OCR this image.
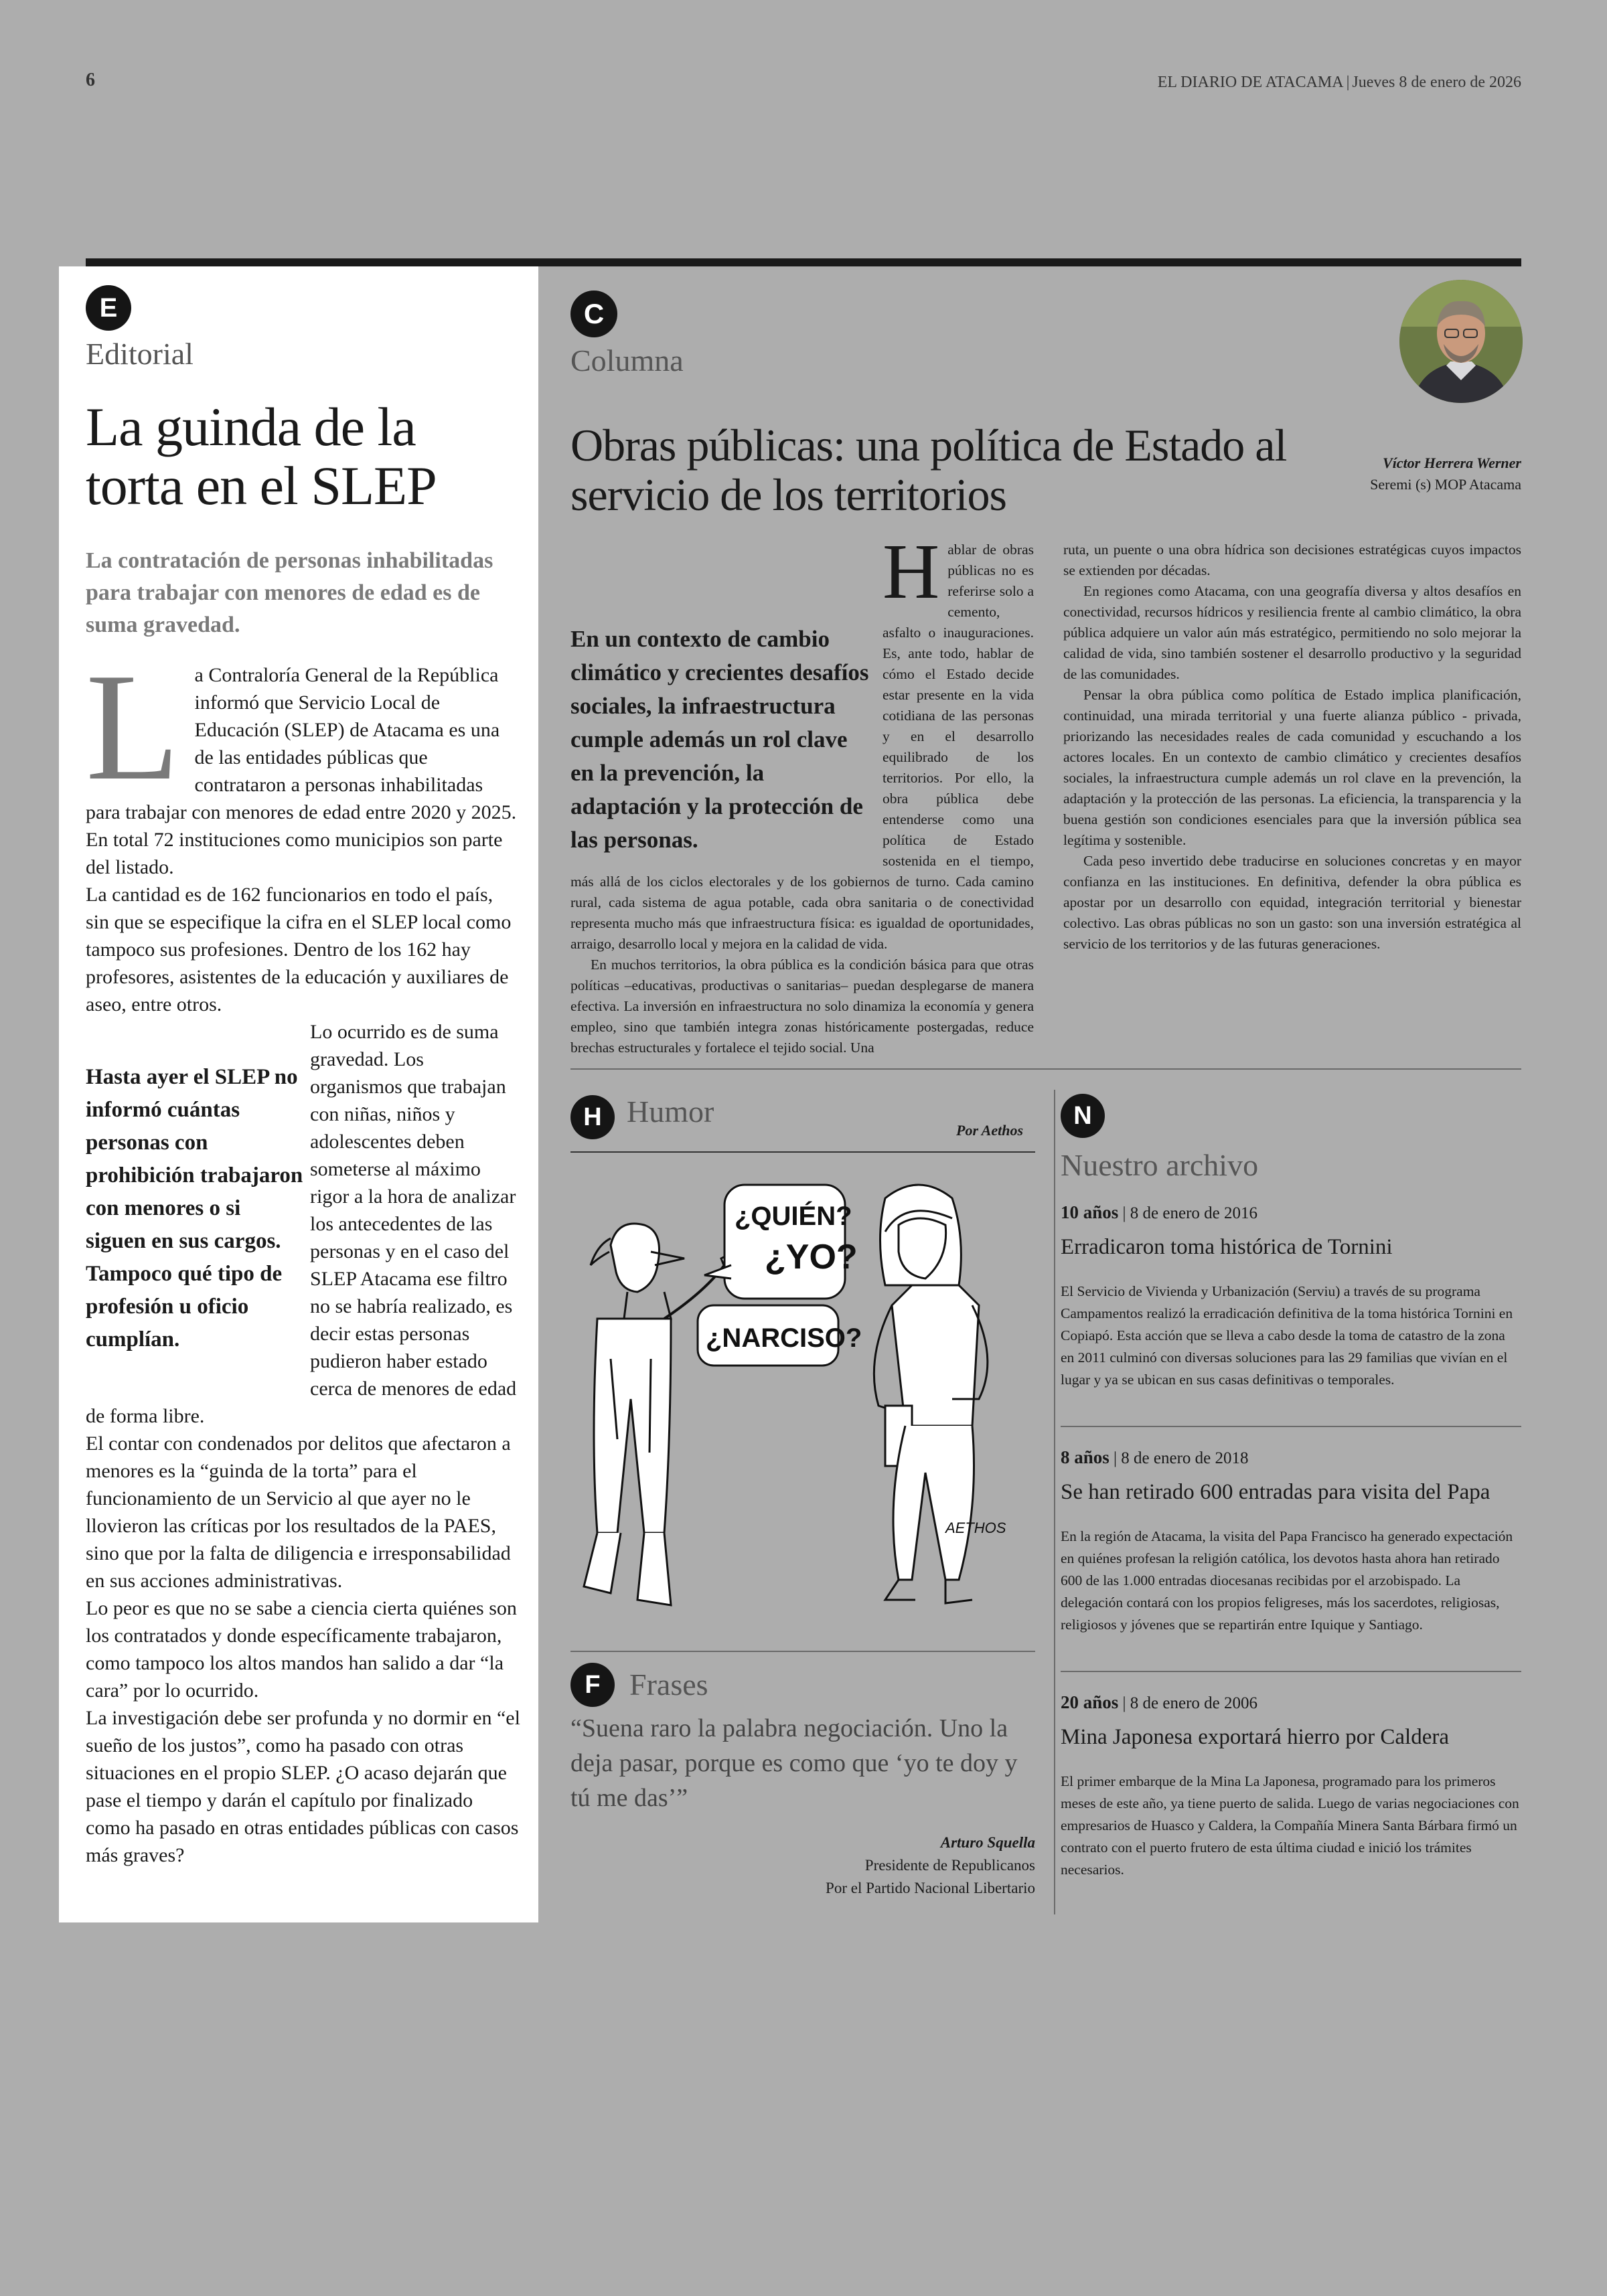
6	EL DIARIO DE ATACAMA | Jueves 8 de enero de 2026
E
Editorial
La guinda de la torta en el SLEP
La contratación de personas inhabilitadas para trabajar con menores de edad es de suma gravedad.

La Contraloría General de la República informó que Servicio Local de Educación (SLEP) de Atacama es una de las entidades públicas que contrataron a personas inhabilitadas para trabajar con menores de edad entre 2020 y 2025. En total 72 instituciones como municipios son parte del listado.

La cantidad es de 162 funcionarios en todo el país, sin que se especifique la cifra en el SLEP local como tampoco sus profesiones. Dentro de los 162 hay profesores, asistentes de la educación y auxiliares de aseo, entre otros.

Hasta ayer el SLEP no informó cuántas personas con prohibición trabajaron con menores o si siguen en sus cargos. Tampoco qué tipo de profesión u oficio cumplían.

Lo ocurrido es de suma gravedad. Los organismos que trabajan con niñas, niños y adolescentes deben someterse al máximo rigor a la hora de analizar los antecedentes de las personas y en el caso del SLEP Atacama ese filtro no se habría realizado, es decir estas personas pudieron haber estado cerca de menores de edad de forma libre.

El contar con condenados por delitos que afectaron a menores es la “guinda de la torta” para el funcionamiento de un Servicio al que ayer no le llovieron las críticas por los resultados de la PAES, sino que por la falta de diligencia e irresponsabilidad en sus acciones administrativas.

Lo peor es que no se sabe a ciencia cierta quiénes son los contratados y donde específicamente trabajaron, como tampoco los altos mandos han salido a dar “la cara” por lo ocurrido.

La investigación debe ser profunda y no dormir en “el sueño de los justos”, como ha pasado con otras situaciones en el propio SLEP. ¿O acaso dejarán que pase el tiempo y darán el capítulo por finalizado como ha pasado en otras entidades públicas con casos más graves?

C
Columna
Obras públicas: una política de Estado al servicio de los territorios
Víctor Herrera Werner
Seremi (s) MOP Atacama
En un contexto de cambio climático y crecientes desafíos sociales, la infraestructura cumple además un rol clave en la prevención, la adaptación y la protección de las personas.

Hablar de obras públicas no es referirse solo a cemento, asfalto o inauguraciones. Es, ante todo, hablar de cómo el Estado decide estar presente en la vida cotidiana de las personas y en el desarrollo equilibrado de los territorios. Por ello, la obra pública debe entenderse como una política de Estado sostenida en el tiempo, más allá de los ciclos electorales y de los gobiernos de turno. Cada camino rural, cada sistema de agua potable, cada obra sanitaria o de conectividad representa mucho más que infraestructura física: es igualdad de oportunidades, arraigo, desarrollo local y mejora en la calidad de vida.

En muchos territorios, la obra pública es la condición básica para que otras políticas –educativas, productivas o sanitarias– puedan desplegarse de manera efectiva. La inversión en infraestructura no solo dinamiza la economía y genera empleo, sino que también integra zonas históricamente postergadas, reduce brechas estructurales y fortalece el tejido social. Una

ruta, un puente o una obra hídrica son decisiones estratégicas cuyos impactos se extienden por décadas.

En regiones como Atacama, con una geografía diversa y altos desafíos en conectividad, recursos hídricos y resiliencia frente al cambio climático, la obra pública adquiere un valor aún más estratégico, permitiendo no solo mejorar la calidad de vida, sino también sostener el desarrollo productivo y la seguridad de las comunidades.

Pensar la obra pública como política de Estado implica planificación, continuidad, una mirada territorial y una fuerte alianza público - privada, priorizando las necesidades reales de cada comunidad y escuchando a los actores locales. En un contexto de cambio climático y crecientes desafíos sociales, la infraestructura cumple además un rol clave en la prevención, la adaptación y la protección de las personas. La eficiencia, la transparencia y la buena gestión son condiciones esenciales para que la inversión pública sea legítima y sostenible.

Cada peso invertido debe traducirse en soluciones concretas y en mayor confianza en las instituciones. En definitiva, defender la obra pública es apostar por un desarrollo con equidad, integración territorial y bienestar colectivo. Las obras públicas no son un gasto: son una inversión estratégica al servicio de los territorios y de las futuras generaciones.

H Humor
Por Aethos
¿QUIÉN?
¿YO?
¿NARCISO?
AETHOS
F Frases
“Suena raro la palabra negociación. Uno la deja pasar, porque es como que ‘yo te doy y tú me das’”
Arturo Squella
Presidente de Republicanos
Por el Partido Nacional Libertario
N
Nuestro archivo
10 años | 8 de enero de 2016
Erradicaron toma histórica de Tornini
El Servicio de Vivienda y Urbanización (Serviu) a través de su programa Campamentos realizó la erradicación definitiva de la toma histórica Tornini en Copiapó. Esta acción que se lleva a cabo desde la toma de catastro de la zona en 2011 culminó con diversas soluciones para las 29 familias que vivían en el lugar y ya se ubican en sus casas definitivas o temporales.
8 años | 8 de enero de 2018
Se han retirado 600 entradas para visita del Papa
En la región de Atacama, la visita del Papa Francisco ha generado expectación en quiénes profesan la religión católica, los devotos hasta ahora han retirado 600 de las 1.000 entradas diocesanas recibidas por el arzobispado. La delegación contará con los propios feligreses, más los sacerdotes, religiosas, religiosos y jóvenes que se repartirán entre Iquique y Santiago.
20 años | 8 de enero de 2006
Mina Japonesa exportará hierro por Caldera
El primer embarque de la Mina La Japonesa, programado para los primeros meses de este año, ya tiene puerto de salida. Luego de varias negociaciones con empresarios de Huasco y Caldera, la Compañía Minera Santa Bárbara firmó un contrato con el puerto frutero de esta última ciudad e inició los trámites necesarios.
